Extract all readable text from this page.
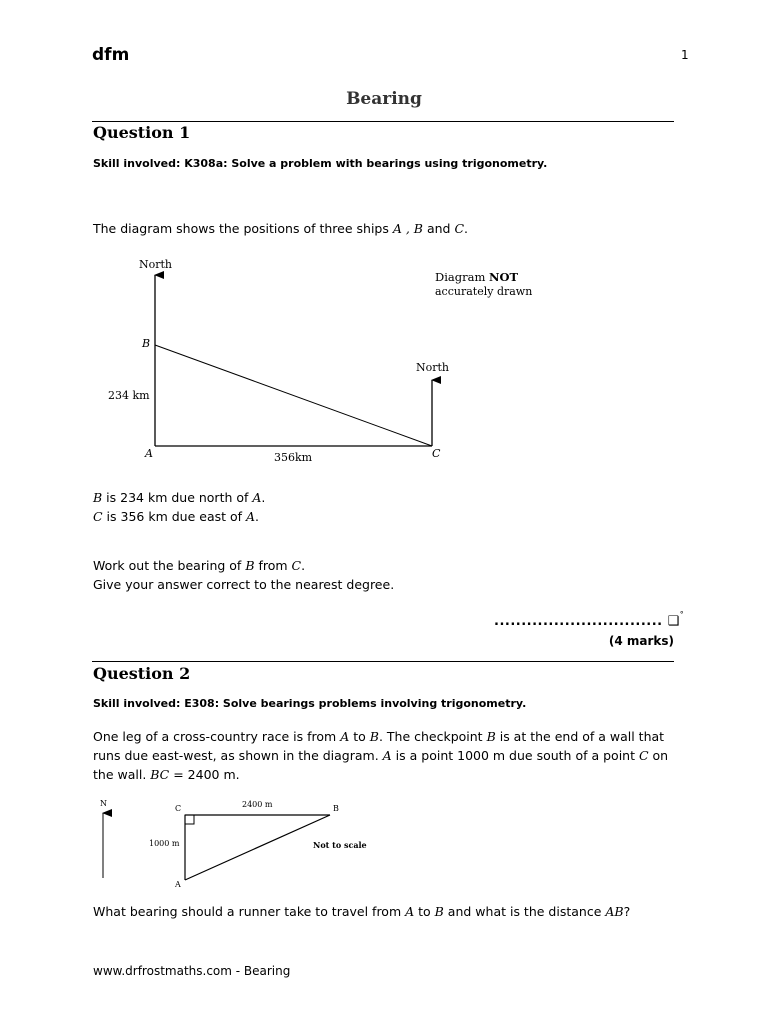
dfm	1
Bearing
Question 1
Skill involved: K308a: Solve a problem with bearings using trigonometry.
The diagram shows the positions of three ships A , B and C.
North
North
Diagram NOT
accurately drawn
B
234 km
A	356km	C
N
C	2400 m	B
1000 m	Not to scale
A
B is 234 km due north of A.
C is 356 km due east of A.
Work out the bearing of B from C.
Give your answer correct to the nearest degree.
............................... ❑°
(4 marks)
Question 2
Skill involved: E308: Solve bearings problems involving trigonometry.
One leg of a cross-country race is from A to B. The checkpoint B is at the end of a wall that
runs due east-west, as shown in the diagram. A is a point 1000 m due south of a point C on
the wall. BC = 2400 m.
What bearing should a runner take to travel from A to B and what is the distance AB?
www.drfrostmaths.com - Bearing
